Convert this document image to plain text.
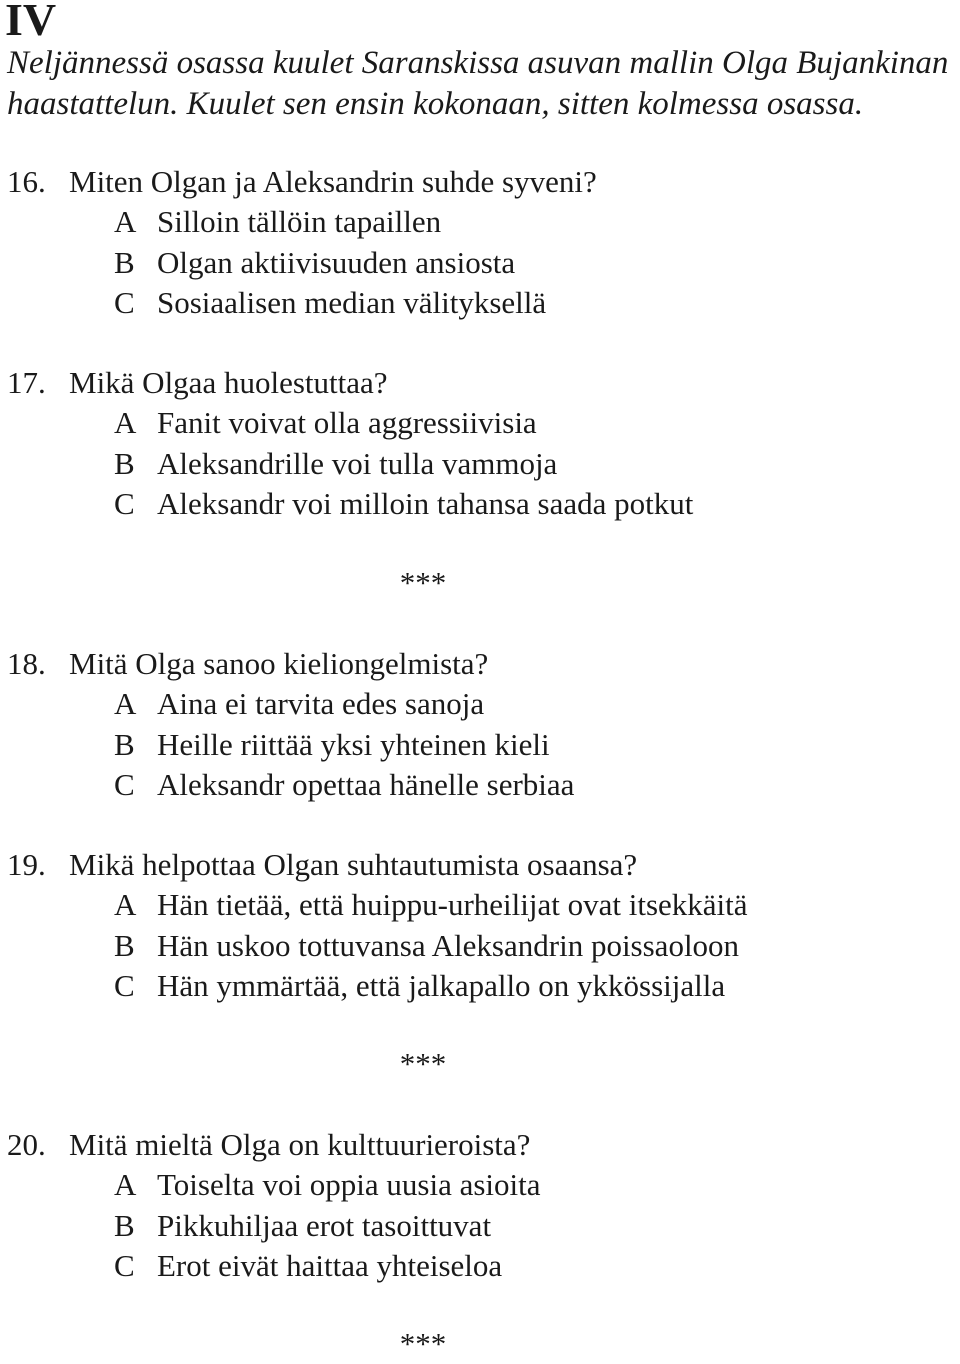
IV
Neljännessä osassa kuulet Saranskissa asuvan mallin Olga Bujankinan
haastattelun. Kuulet sen ensin kokonaan, sitten kolmessa osassa.
16. Miten Olgan ja Aleksandrin suhde syveni?
A Silloin tällöin tapaillen
B Olgan aktiivisuuden ansiosta
C Sosiaalisen median välityksellä
17. Mikä Olgaa huolestuttaa?
A Fanit voivat olla aggressiivisia
B Aleksandrille voi tulla vammoja
C Aleksandr voi milloin tahansa saada potkut
***
18. Mitä Olga sanoo kieliongelmista?
A Aina ei tarvita edes sanoja
B Heille riittää yksi yhteinen kieli
C Aleksandr opettaa hänelle serbiaa
19. Mikä helpottaa Olgan suhtautumista osaansa?
A Hän tietää, että huippu-urheilijat ovat itsekkäitä
B Hän uskoo tottuvansa Aleksandrin poissaoloon
C Hän ymmärtää, että jalkapallo on ykkössijalla
***
20. Mitä mieltä Olga on kulttuurieroista?
A Toiselta voi oppia uusia asioita
B Pikkuhiljaa erot tasoittuvat
C Erot eivät haittaa yhteiseloa
***
